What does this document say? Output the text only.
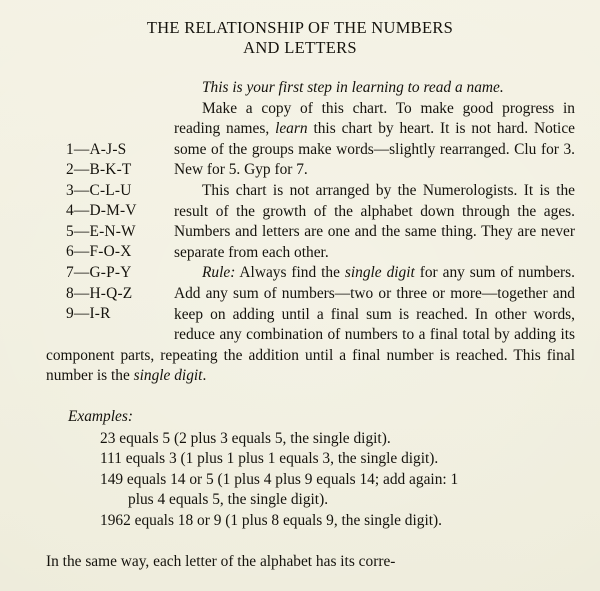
THE RELATIONSHIP OF THE NUMBERS
AND LETTERS
1—A-J-S
2—B-K-T
3—C-L-U
4—D-M-V
5—E-N-W
6—F-O-X
7—G-P-Y
8—H-Q-Z
9—I-R
This is your first step in learning to read a name.

Make a copy of this chart. To make good progress in reading names, learn this chart by heart. It is not hard. Notice some of the groups make words—slightly rearranged. Clu for 3. New for 5. Gyp for 7.

This chart is not arranged by the Numerologists. It is the result of the growth of the alphabet down through the ages. Numbers and letters are one and the same thing. They are never separate from each other.

Rule: Always find the single digit for any sum of numbers. Add any sum of numbers—two or three or more—together and keep on adding until a final sum is reached. In other words, reduce any combination of numbers to a final total by adding its component parts, repeating the addition until a final number is reached. This final number is the single digit.

Examples:

23 equals 5 (2 plus 3 equals 5, the single digit).
111 equals 3 (1 plus 1 plus 1 equals 3, the single digit).
149 equals 14 or 5 (1 plus 4 plus 9 equals 14; add again: 1
plus 4 equals 5, the single digit).
1962 equals 18 or 9 (1 plus 8 equals 9, the single digit).

In the same way, each letter of the alphabet has its corre-
